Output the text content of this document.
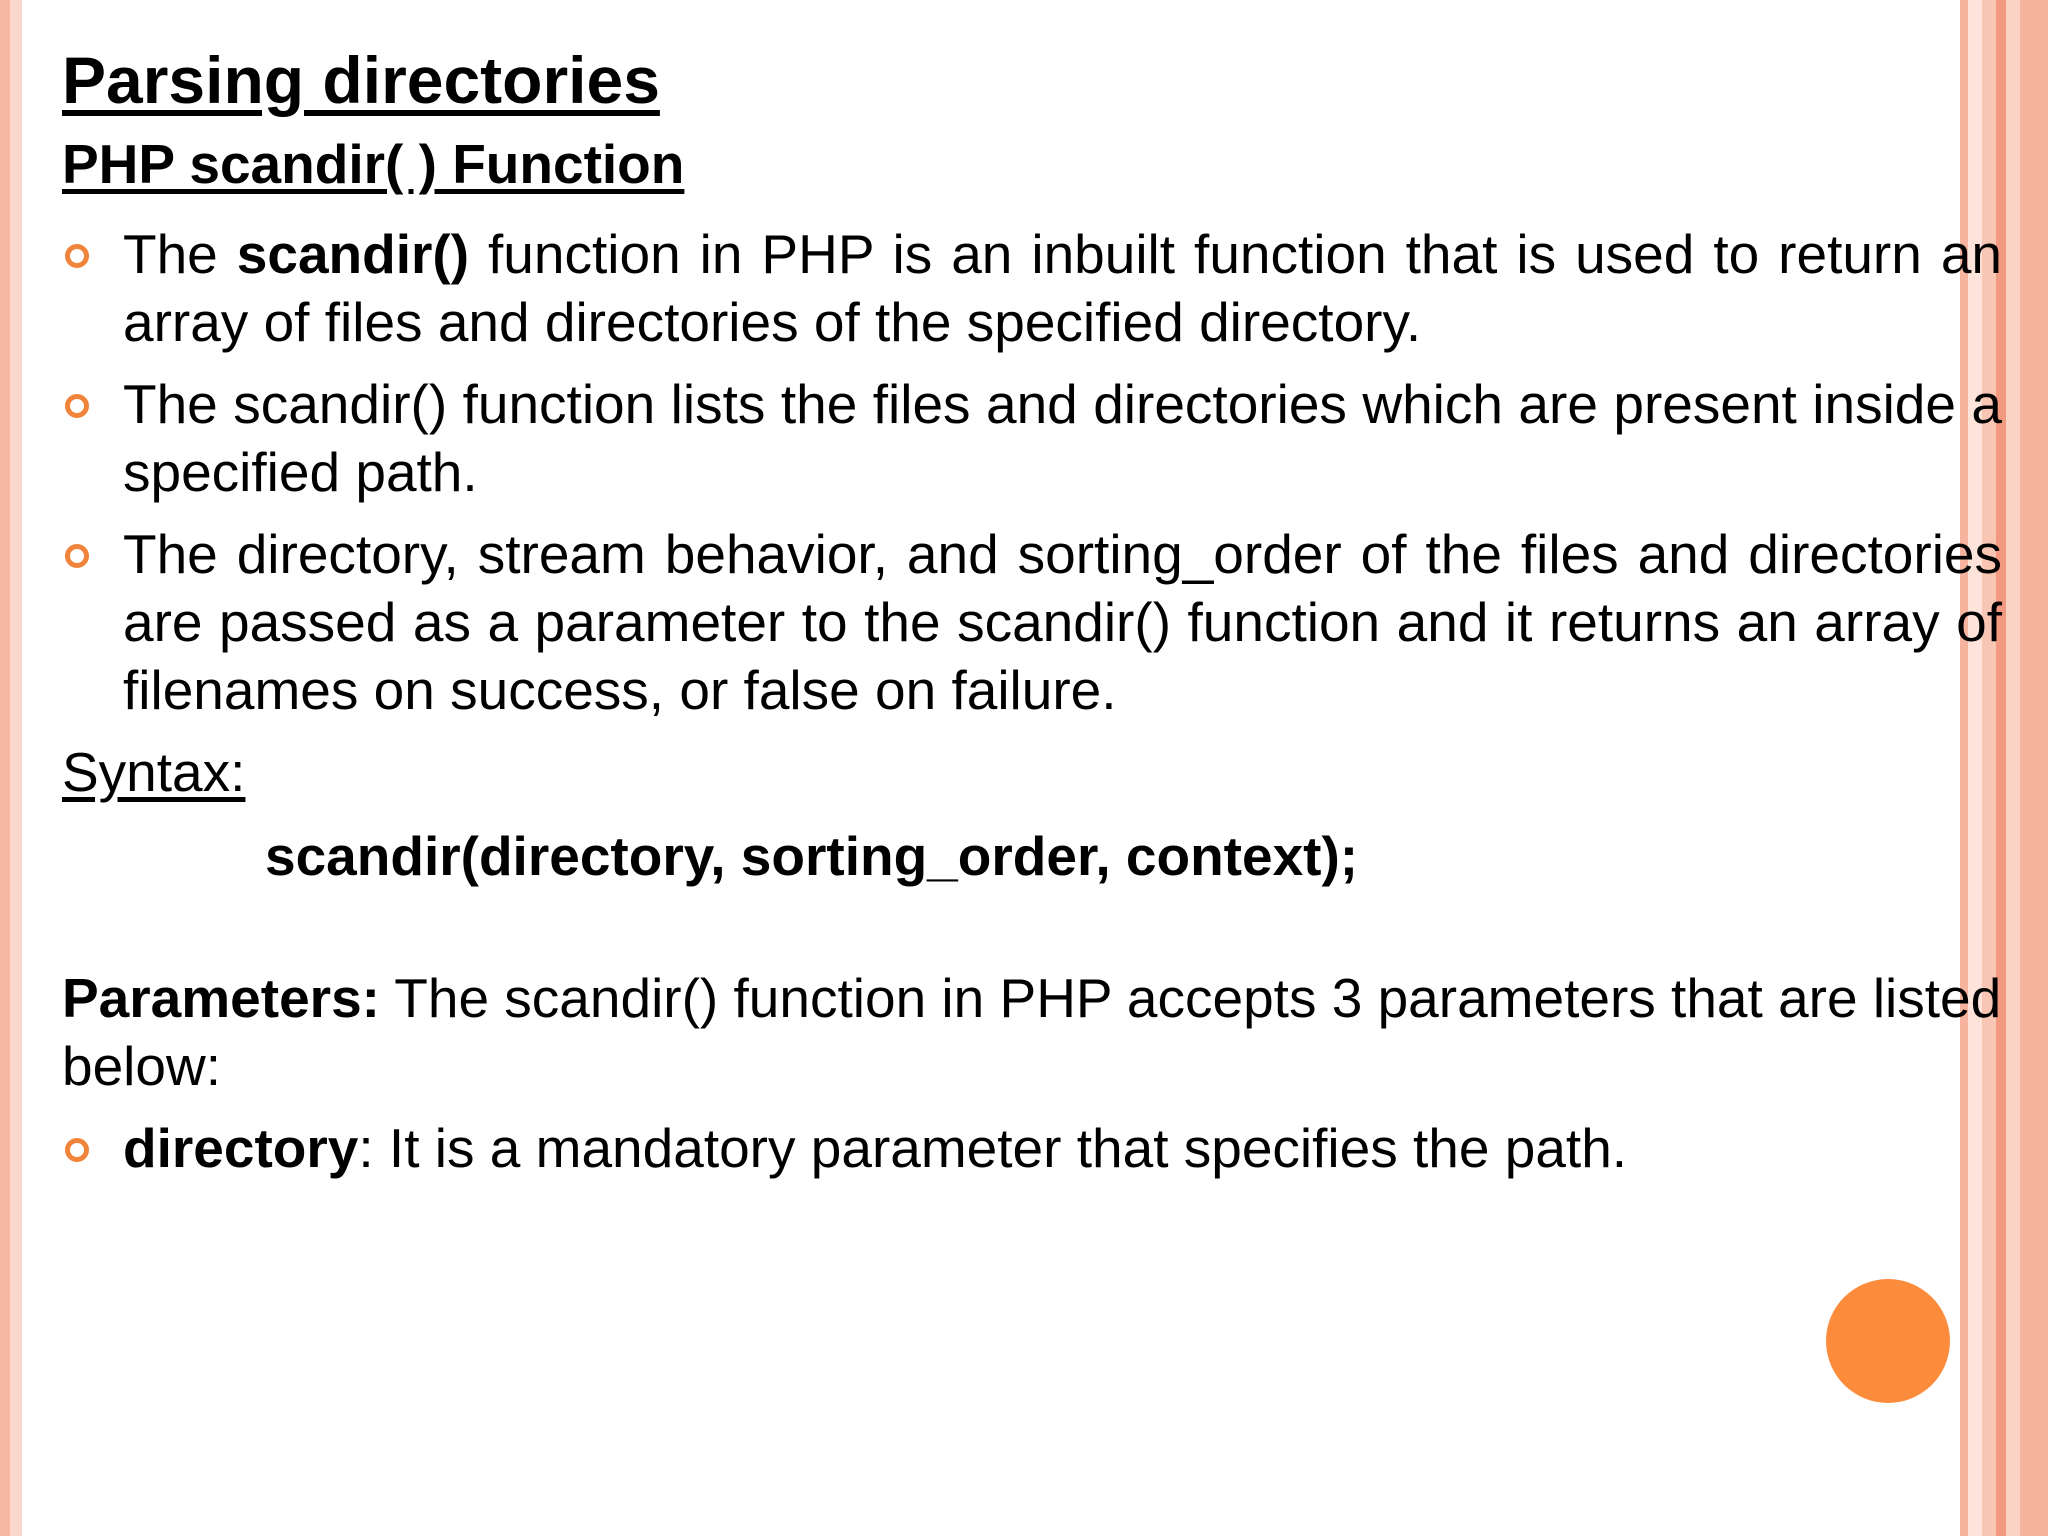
Parsing directories
PHP scandir( ) Function
The scandir() function in PHP is an inbuilt function that is used to return an array of files and directories of the specified directory.
The scandir() function lists the files and directories which are present inside a specified path.
The directory, stream behavior, and sorting_order of the files and directories are passed as a parameter to the scandir() function and it returns an array of filenames on success, or false on failure.
Syntax:
scandir(directory, sorting_order, context);
Parameters: The scandir() function in PHP accepts 3 parameters that are listed below:
directory: It is a mandatory parameter that specifies the path.
